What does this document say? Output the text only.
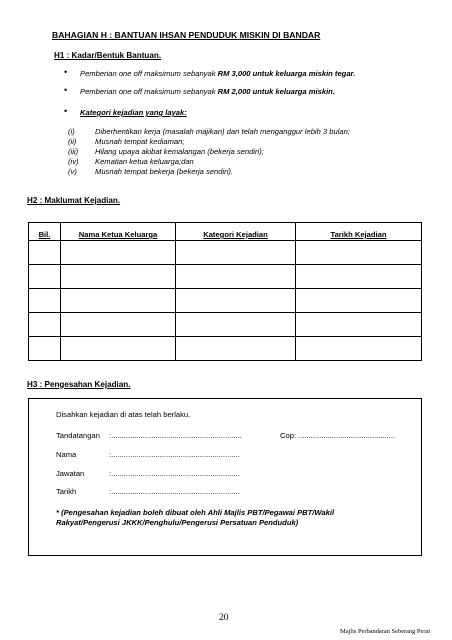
BAHAGIAN H : BANTUAN IHSAN PENDUDUK MISKIN DI BANDAR
H1 : Kadar/Bentuk Bantuan.
• Pemberian one off maksimum sebanyak RM 3,000 untuk keluarga miskin tegar.
• Pemberian one off maksimum sebanyak RM 2,000 untuk keluarga miskin.
• Kategori kejadian yang layak:
(i)	Diberhentikan kerja (masalah majikan) dan telah menganggur lebih 3 bulan;
(ii) Musnah tempat kediaman;
(iii) Hilang upaya akibat kemalangan (bekerja sendiri);
(iv) Kematian ketua keluarga;dan
(v) Musnah tempat bekerja (bekerja sendiri).
H2 : Maklumat Kejadian.
Bil.	Nama Ketua Keluarga	Kategori Kejadian	Tarikh Kejadian

H3 : Pengesahan Kejadian.
Disahkan kejadian di atas telah berlaku.
Tandatangan :..............................................................	Cop: ..............................................
Nama	:.............................................................
Jawatan	:.............................................................
Tarikh	:.............................................................
* (Pengesahan kejadian boleh dibuat oleh Ahli Majlis PBT/Pegawai PBT/Wakil
Rakyat/Pengerusi JKKK/Penghulu/Pengerusi Persatuan Penduduk)
20
Majlis Perbandaran Seberang Perai
